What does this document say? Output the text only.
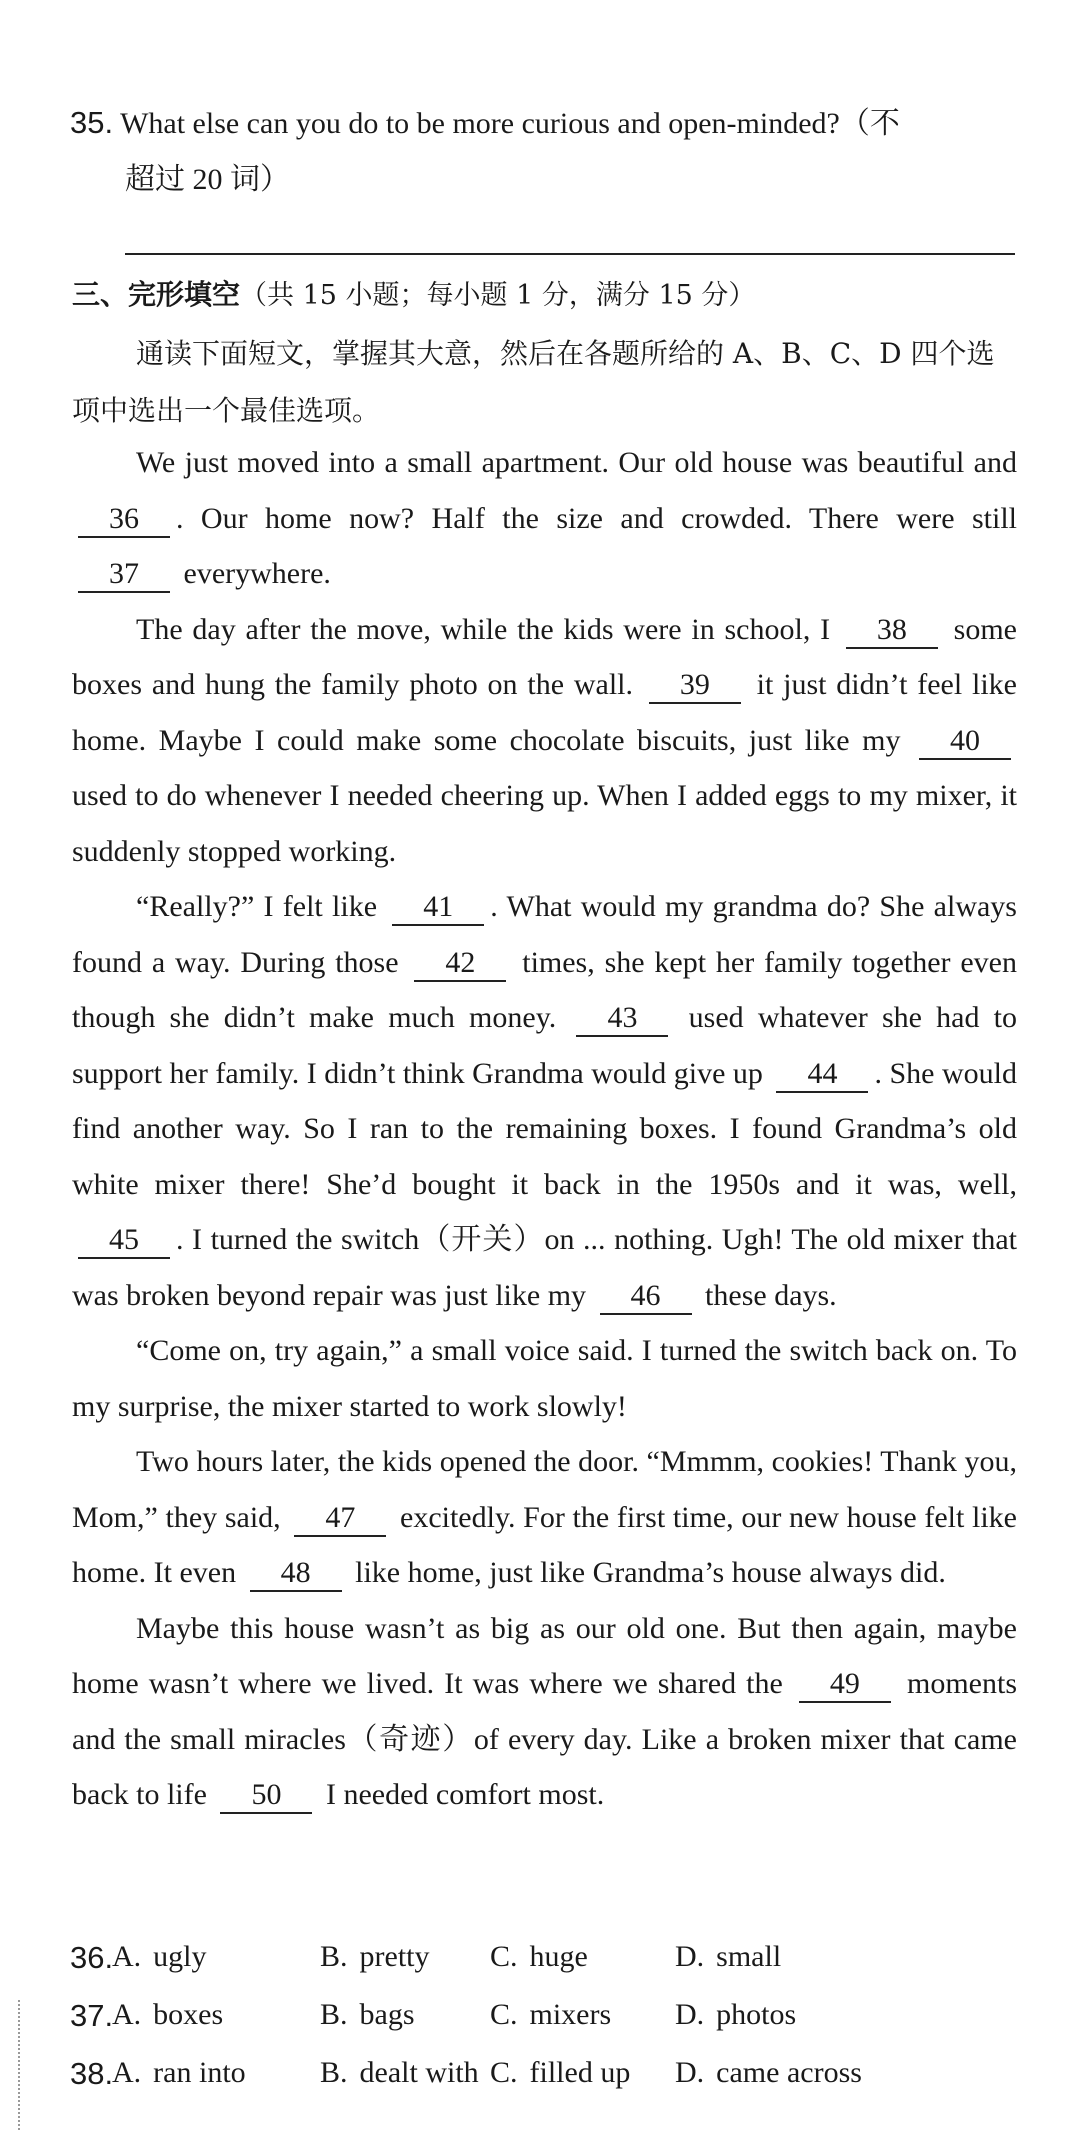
35. What else can you do to be more curious and open-minded?（不
超过 20 词）
三、完形填空（共 15 小题；每小题 1 分，满分 15 分）
通读下面短文，掌握其大意，然后在各题所给的 A、B、C、D 四个选项中选出一个最佳选项。

We just moved into a small apartment. Our old house was beautiful and 36 . Our home now? Half the size and crowded. There were still 37 everywhere.

The day after the move, while the kids were in school, I 38 some boxes and hung the family photo on the wall. 39 it just didn’t feel like home. Maybe I could make some chocolate biscuits, just like my 40 used to do whenever I needed cheering up. When I added eggs to my mixer, it suddenly stopped working.

“Really?” I felt like 41 . What would my grandma do? She always found a way. During those 42 times, she kept her family together even though she didn’t make much money. 43 used whatever she had to support her family. I didn’t think Grandma would give up 44 . She would find another way. So I ran to the remaining boxes. I found Grandma’s old white mixer there! She’d bought it back in the 1950s and it was, well, 45 . I turned the switch（开关）on ... nothing. Ugh! The old mixer that was broken beyond repair was just like my 46 these days.

“Come on, try again,” a small voice said. I turned the switch back on. To my surprise, the mixer started to work slowly!

Two hours later, the kids opened the door. “Mmmm, cookies! Thank you, Mom,” they said, 47 excitedly. For the first time, our new house felt like home. It even 48 like home, just like Grandma’s house always did.

Maybe this house wasn’t as big as our old one. But then again, maybe home wasn’t where we lived. It was where we shared the 49 moments and the small miracles（奇迹）of every day. Like a broken mixer that came back to life 50 I needed comfort most.

36.
A. ugly	B. pretty C. huge	D. small
37.
A. boxes	B. bags	C. mixers D. photos
38.
A. ran into B. dealt with C. filled up D. came across
